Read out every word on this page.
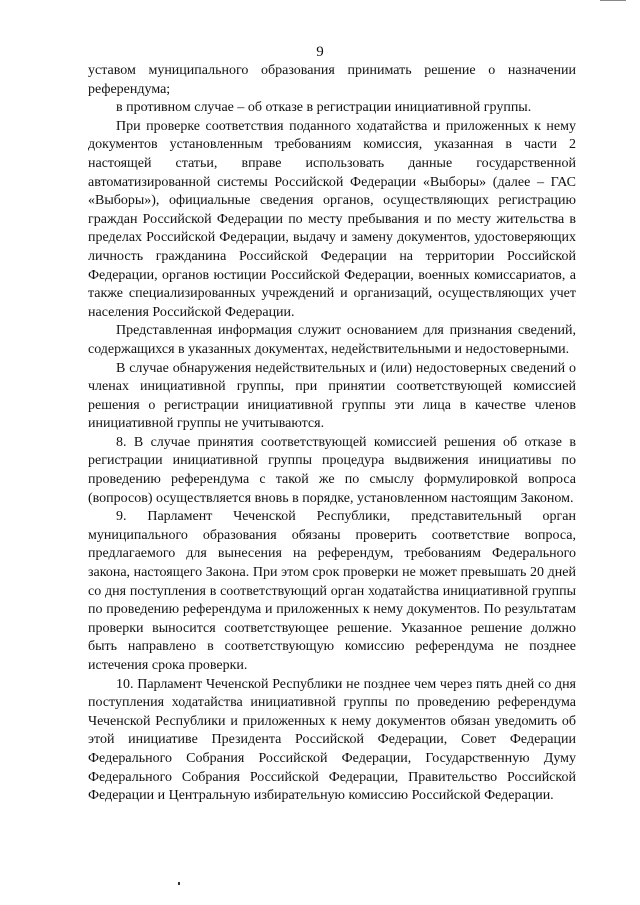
9

уставом муниципального образования принимать решение о назначении референдума;

в противном случае – об отказе в регистрации инициативной группы.

При проверке соответствия поданного ходатайства и приложенных к нему документов установленным требованиям комиссия, указанная в части 2 настоящей статьи, вправе использовать данные государственной автоматизированной системы Российской Федерации «Выборы» (далее – ГАС «Выборы»), официальные сведения органов, осуществляющих регистрацию граждан Российской Федерации по месту пребывания и по месту жительства в пределах Российской Федерации, выдачу и замену документов, удостоверяющих личность гражданина Российской Федерации на территории Российской Федерации, органов юстиции Российской Федерации, военных комиссариатов, а также специализированных учреждений и организаций, осуществляющих учет населения Российской Федерации.

Представленная информация служит основанием для признания сведений, содержащихся в указанных документах, недействительными и недостоверными.

В случае обнаружения недействительных и (или) недостоверных сведений о членах инициативной группы, при принятии соответствующей комиссией решения о регистрации инициативной группы эти лица в качестве членов инициативной группы не учитываются.

8. В случае принятия соответствующей комиссией решения об отказе в регистрации инициативной группы процедура выдвижения инициативы по проведению референдума с такой же по смыслу формулировкой вопроса (вопросов) осуществляется вновь в порядке, установленном настоящим Законом.

9. Парламент Чеченской Республики, представительный орган муниципального образования обязаны проверить соответствие вопроса, предлагаемого для вынесения на референдум, требованиям Федерального закона, настоящего Закона. При этом срок проверки не может превышать 20 дней со дня поступления в соответствующий орган ходатайства инициативной группы по проведению референдума и приложенных к нему документов. По результатам проверки выносится соответствующее решение. Указанное решение должно быть направлено в соответствующую комиссию референдума не позднее истечения срока проверки.

10. Парламент Чеченской Республики не позднее чем через пять дней со дня поступления ходатайства инициативной группы по проведению референдума Чеченской Республики и приложенных к нему документов обязан уведомить об этой инициативе Президента Российской Федерации, Совет Федерации Федерального Собрания Российской Федерации, Государственную Думу Федерального Собрания Российской Федерации, Правительство Российской Федерации и Центральную избирательную комиссию Российской Федерации.
